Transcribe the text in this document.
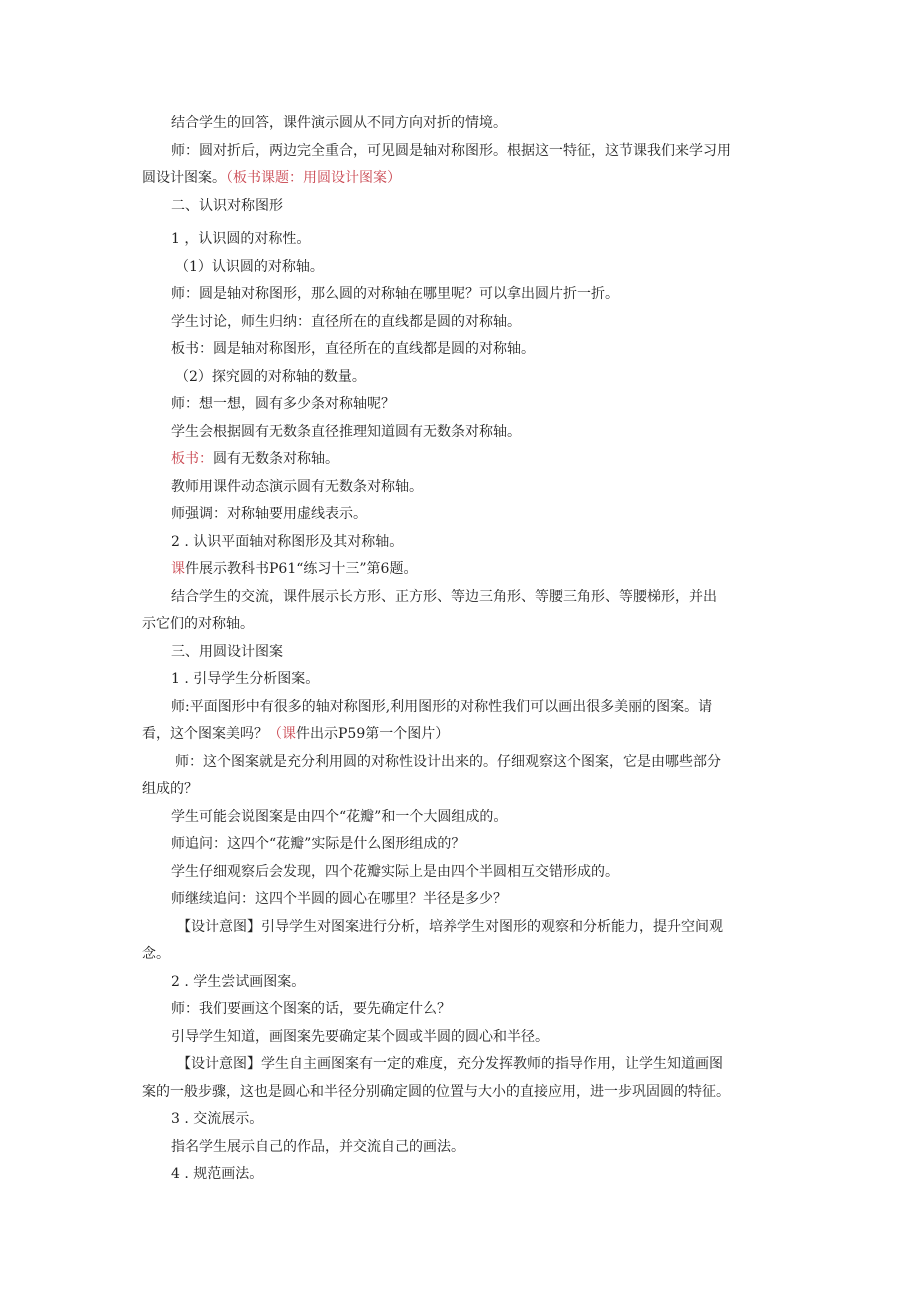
结合学生的回答，课件演示圆从不同方向对折的情境。
师：圆对折后，两边完全重合，可见圆是轴对称图形。根据这一特征，这节课我们来学习用
圆设计图案。（板书课题：用圆设计图案）
二、认识对称图形
1 ，认识圆的对称性。
（1）认识圆的对称轴。
师：圆是轴对称图形，那么圆的对称轴在哪里呢？可以拿出圆片折一折。
学生讨论，师生归纳：直径所在的直线都是圆的对称轴。
板书：圆是轴对称图形，直径所在的直线都是圆的对称轴。
（2）探究圆的对称轴的数量。
师：想一想，圆有多少条对称轴呢？
学生会根据圆有无数条直径推理知道圆有无数条对称轴。
板书：圆有无数条对称轴。
教师用课件动态演示圆有无数条对称轴。
师强调：对称轴要用虚线表示。
2 . 认识平面轴对称图形及其对称轴。
课件展示教科书P61“练习十三”第6题。
结合学生的交流，课件展示长方形、正方形、等边三角形、等腰三角形、等腰梯形，并出
示它们的对称轴。
三、用圆设计图案
1 . 引导学生分析图案。
师:平面图形中有很多的轴对称图形,利用图形的对称性我们可以画出很多美丽的图案。请
看，这个图案美吗？（课件出示P59第一个图片）
师：这个图案就是充分利用圆的对称性设计出来的。仔细观察这个图案，它是由哪些部分
组成的？
学生可能会说图案是由四个“花瓣”和一个大圆组成的。
师追问：这四个“花瓣”实际是什么图形组成的？
学生仔细观察后会发现，四个花瓣实际上是由四个半圆相互交错形成的。
师继续追问：这四个半圆的圆心在哪里？半径是多少？
【设计意图】引导学生对图案进行分析，培养学生对图形的观察和分析能力，提升空间观
念。
2 . 学生尝试画图案。
师：我们要画这个图案的话，要先确定什么？
引导学生知道，画图案先要确定某个圆或半圆的圆心和半径。
【设计意图】学生自主画图案有一定的难度，充分发挥教师的指导作用，让学生知道画图
案的一般步骤，这也是圆心和半径分别确定圆的位置与大小的直接应用，进一步巩固圆的特征。
3 . 交流展示。
指名学生展示自己的作品，并交流自己的画法。
4 . 规范画法。
